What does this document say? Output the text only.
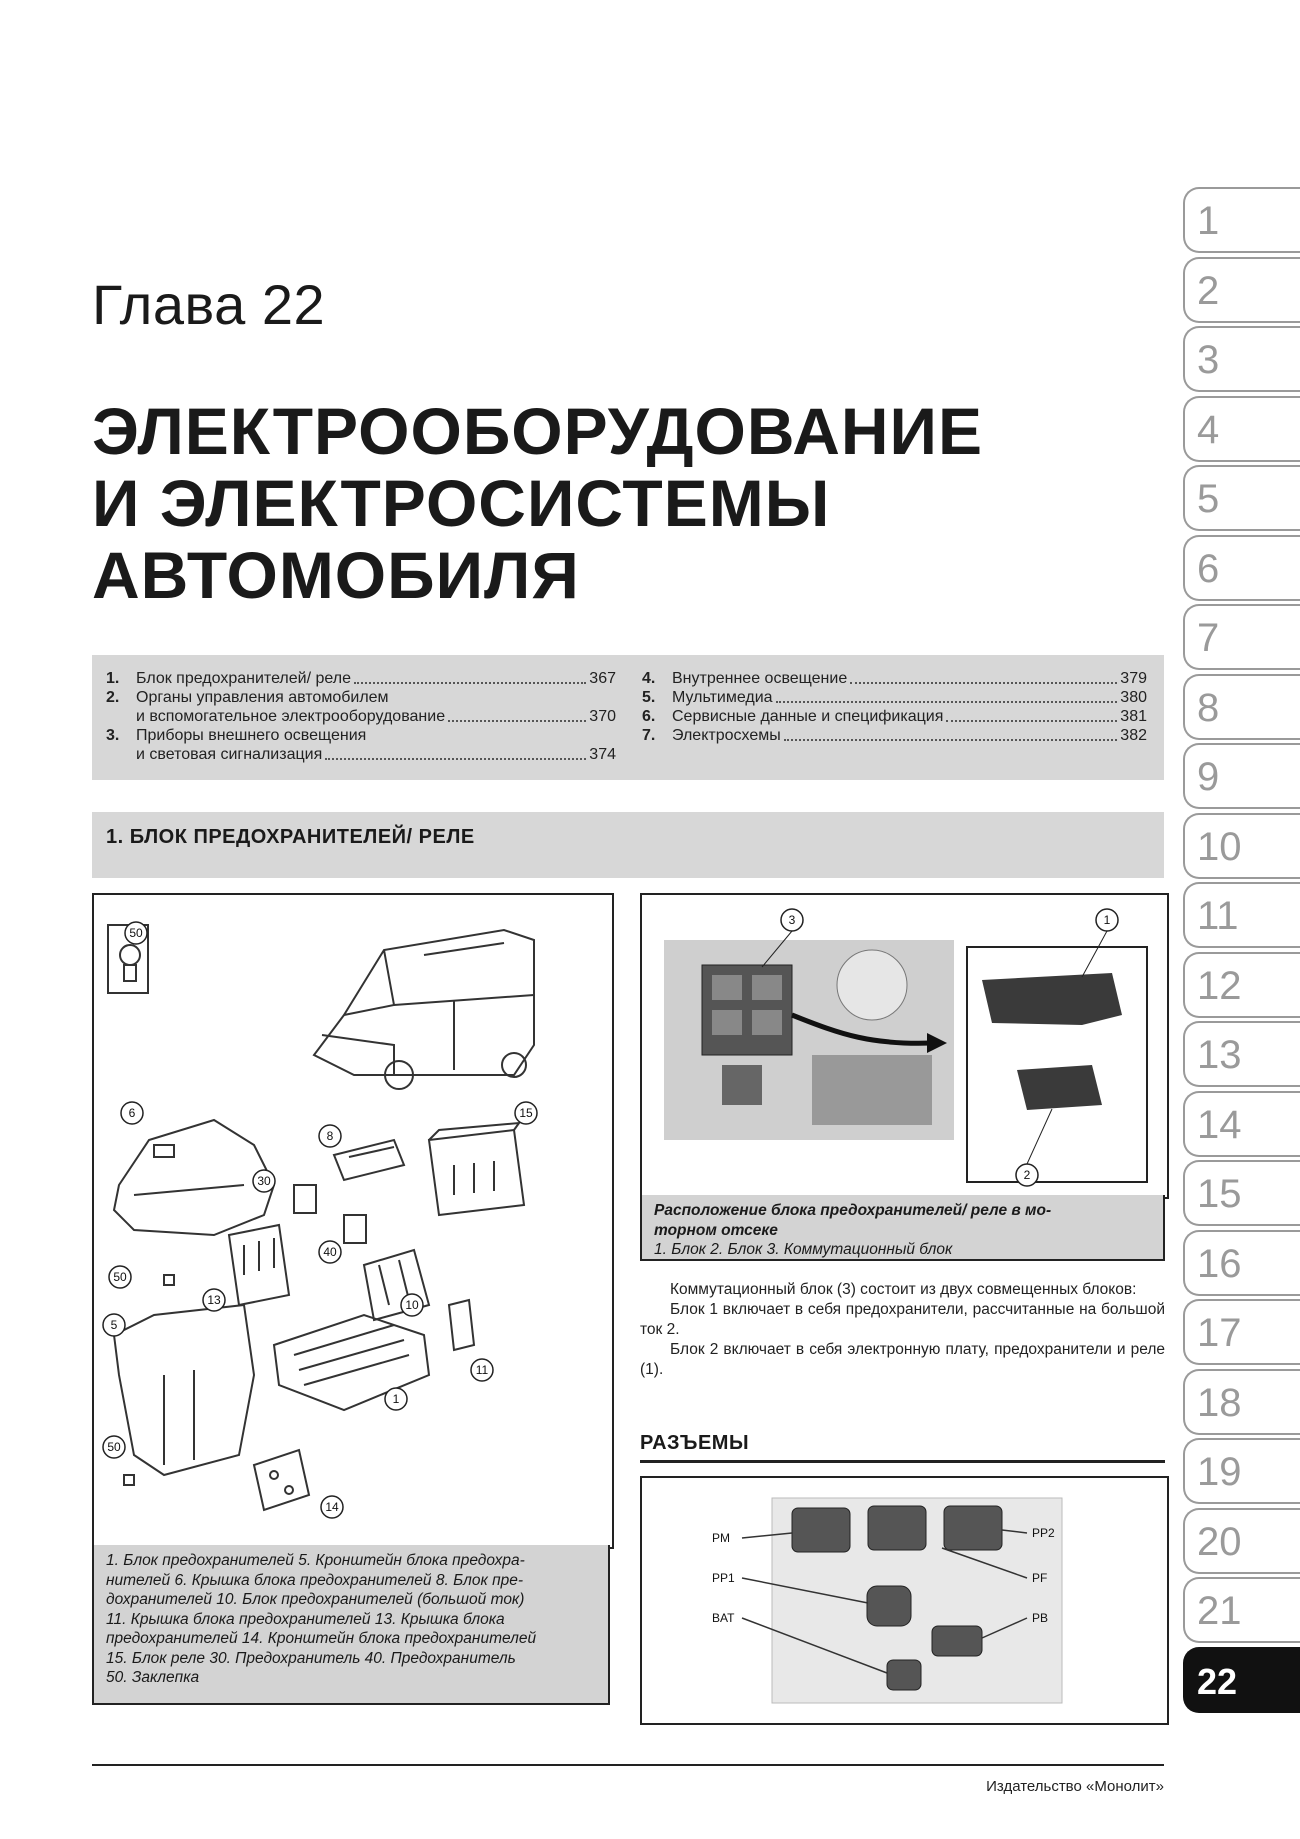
Глава 22
ЭЛЕКТРООБОРУДОВАНИЕ
И ЭЛЕКТРОСИСТЕМЫ
АВТОМОБИЛЯ
1.	Блок предохранителей/ реле	367
2.	Органы управления автомобилем
и вспомогательное электрооборудование	370
3.	Приборы внешнего освещения
и световая сигнализация	374
4.	Внутреннее освещение	379
5.	Мультимедиа	380
6.	Сервисные данные и спецификация	381
7.	Электросхемы	382
1. БЛОК ПРЕДОХРАНИТЕЛЕЙ/ РЕЛЕ
50
6
8
15
30
50
40
13
5
10
11
1
50
14
1. Блок предохранителей 5. Кронштейн блока предохра-
нителей 6. Крышка блока предохранителей 8. Блок пре-
дохранителей 10. Блок предохранителей (большой ток)
11. Крышка блока предохранителей 13. Крышка блока
предохранителей 14. Кронштейн блока предохранителей
15. Блок реле 30. Предохранитель 40. Предохранитель
50. Заклепка
3	1
2
Расположение блока предохранителей/ реле в мо-
торном отсеке
1. Блок 2. Блок 3. Коммутационный блок

Коммутационный блок (3) состоит из двух совмещенных блоков:

Блок 1 включает в себя предохранители, рассчитанные на большой ток 2.

Блок 2 включает в себя электронную плату, предохранители и реле (1).

РАЗЪЕМЫ
PM	PP2
PP1	PF
BAT	PB
1
2
3
4
5
6
7
8
9
10
11
12
13
14
15
16
17
18
19
20
21
22
Издательство «Монолит»
